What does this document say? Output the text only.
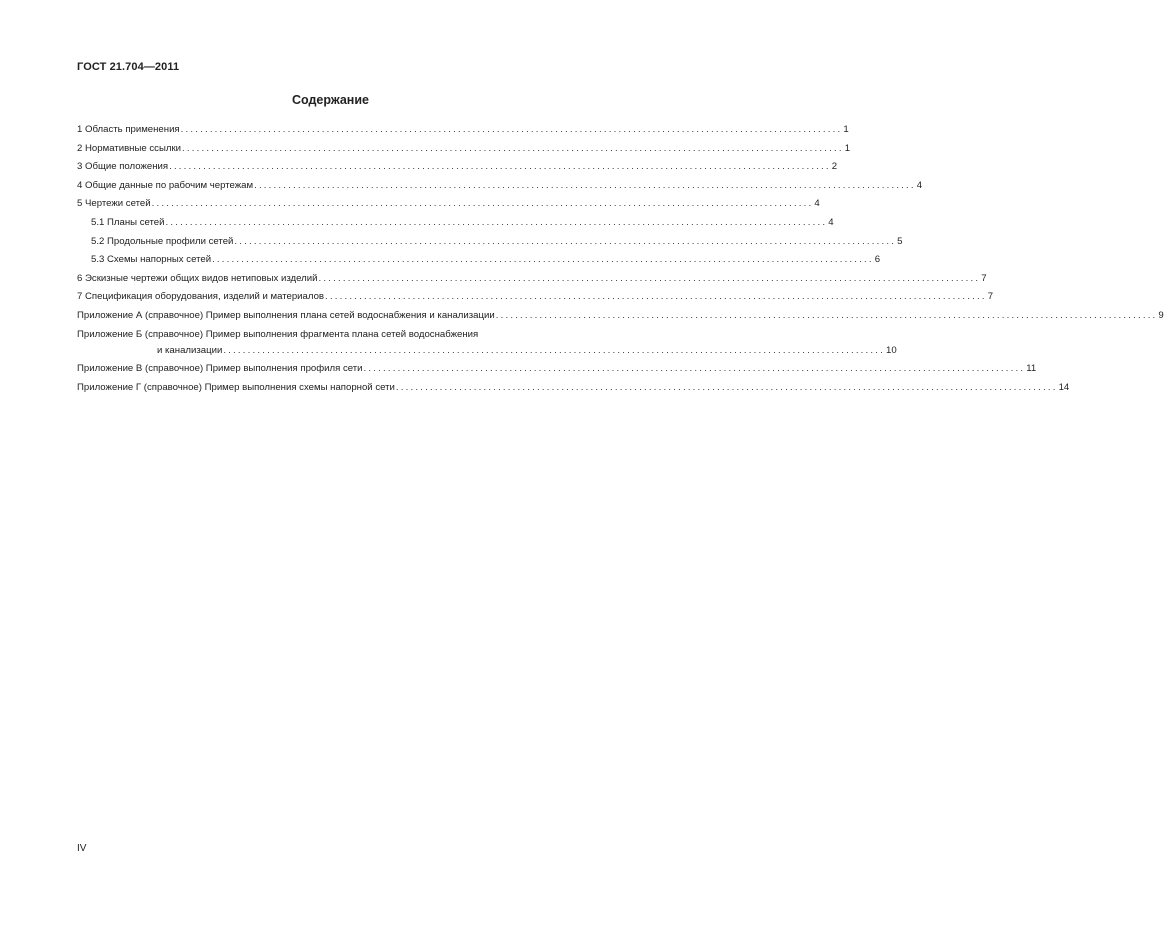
ГОСТ 21.704—2011
Содержание
1 Область применения ........................................................................................................................................ 1
2 Нормативные ссылки ........................................................................................................................................ 1
3 Общие положения ........................................................................................................................................ 2
4 Общие данные по рабочим чертежам ........................................................................................................................................ 4
5 Чертежи сетей ........................................................................................................................................ 4
5.1 Планы сетей ........................................................................................................................................ 4
5.2 Продольные профили сетей ........................................................................................................................................ 5
5.3 Схемы напорных сетей ........................................................................................................................................ 6
6 Эскизные чертежи общих видов нетиповых изделий ........................................................................................................................................ 7
7 Спецификация оборудования, изделий и материалов ........................................................................................................................................ 7
Приложение А (справочное) Пример выполнения плана сетей водоснабжения и канализации ........................................................................................................................................ 9
Приложение Б (справочное) Пример выполнения фрагмента плана сетей водоснабжения
и канализации ........................................................................................................................................ 10
Приложение В (справочное) Пример выполнения профиля сети ........................................................................................................................................ 11
Приложение Г (справочное) Пример выполнения схемы напорной сети ........................................................................................................................................ 14
IV
